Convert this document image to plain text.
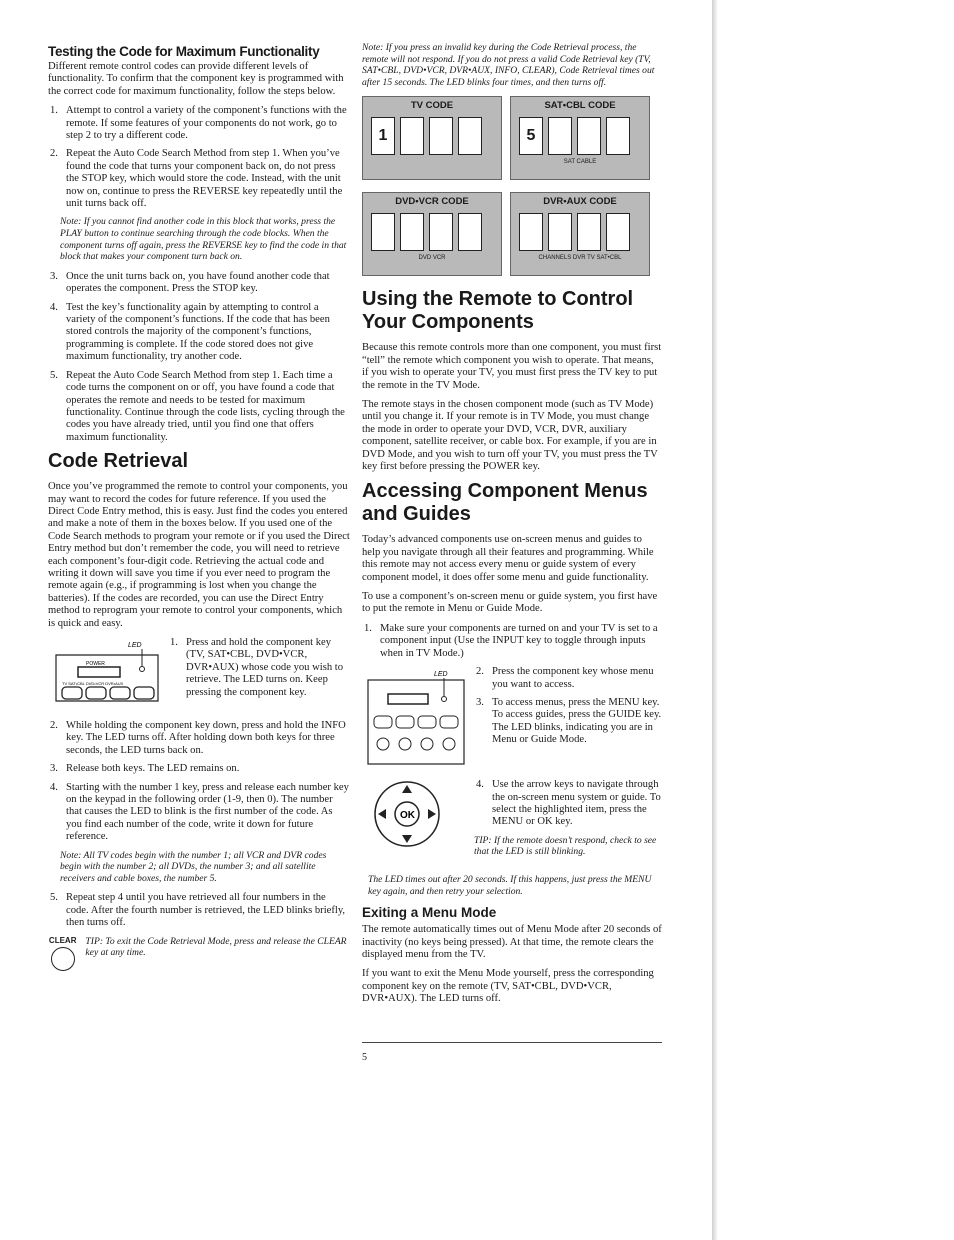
Testing the Code for Maximum Functionality

Different remote control codes can provide different levels of functionality. To confirm that the component key is programmed with the correct code for maximum functionality, follow the steps below.

1. Attempt to control a variety of the component’s functions with the remote. If some features of your components do not work, go to step 2 to try a different code.
2. Repeat the Auto Code Search Method from step 1. When you’ve found the code that turns your component back on, do not press the STOP key, which would store the code. Instead, with the unit now on, continue to press the REVERSE key repeatedly until the unit turns back off.
Note: If you cannot find another code in this block that works, press the PLAY button to continue searching through the code blocks. When the component turns off again, press the REVERSE key to find the code in that block that makes your component turn back on.
3. Once the unit turns back on, you have found another code that operates the component. Press the STOP key.
4. Test the key’s functionality again by attempting to control a variety of the component’s functions. If the code that has been stored controls the majority of the component’s functions, programming is complete. If the code stored does not give maximum functionality, try another code.
5. Repeat the Auto Code Search Method from step 1. Each time a code turns the component on or off, you have found a code that operates the remote and needs to be tested for maximum functionality. Continue through the code lists, cycling through the codes you have already tried, until you find one that offers maximum functionality.
Code Retrieval

Once you’ve programmed the remote to control your components, you may want to record the codes for future reference. If you used the Direct Code Entry method, this is easy. Just find the codes you entered and make a note of them in the boxes below. If you used one of the Code Search methods to program your remote or if you used the Direct Entry method but don’t remember the code, you will need to retrieve each component’s four-digit code. Retrieving the actual code and writing it down will save you time if you ever need to program the remote again (e.g., if programming is lost when you change the batteries). If the codes are recorded, you can use the Direct Entry method to reprogram your remote to control your components, which is quick and easy.

LED
POWER
TV SAT•CBL DVD•VCR DVR•AUX
1. Press and hold the component key (TV, SAT•CBL, DVD•VCR, DVR•AUX) whose code you wish to retrieve. The LED turns on. Keep pressing the component key.
2. While holding the component key down, press and hold the INFO key. The LED turns off. After holding down both keys for three seconds, the LED turns back on.
3. Release both keys. The LED remains on.
4. Starting with the number 1 key, press and release each number key on the keypad in the following order (1-9, then 0). The number that causes the LED to blink is the first number of the code. As you find each number of the code, write it down for future reference.
Note: All TV codes begin with the number 1; all VCR and DVR codes begin with the number 2; all DVDs, the number 3; and all satellite receivers and cable boxes, the number 5.
5. Repeat step 4 until you have retrieved all four numbers in the code. After the fourth number is retrieved, the LED blinks briefly, then turns off.
CLEAR TIP: To exit the Code Retrieval Mode, press and release the CLEAR key at any time.
Note: If you press an invalid key during the Code Retrieval process, the remote will not respond. If you do not press a valid Code Retrieval key (TV, SAT•CBL, DVD•VCR, DVR•AUX, INFO, CLEAR), Code Retrieval times out after 15 seconds. The LED blinks four times, and then turns off.
TV CODE
1
SAT•CBL CODE
5
SAT CABLE
DVD•VCR CODE
DVD VCR
DVR•AUX CODE
CHANNELS DVR TV SAT•CBL
Using the Remote to Control Your Components

Because this remote controls more than one component, you must first “tell” the remote which component you wish to operate. That means, if you wish to operate your TV, you must first press the TV key to put the remote in the TV Mode.

The remote stays in the chosen component mode (such as TV Mode) until you change it. If your remote is in TV Mode, you must change the mode in order to operate your DVD, VCR, DVR, auxiliary component, satellite receiver, or cable box. For example, if you are in DVD Mode, and you wish to turn off your TV, you must press the TV key first before pressing the POWER key.

Accessing Component Menus and Guides

Today’s advanced components use on-screen menus and guides to help you navigate through all their features and programming. While this remote may not access every menu or guide system of every component model, it does offer some menu and guide functionality.

To use a component’s on-screen menu or guide system, you first have to put the remote in Menu or Guide Mode.

1. Make sure your components are turned on and your TV is set to a component input (Use the INPUT key to toggle through inputs when in TV Mode.)
LED	2. Press the component key whose menu you want to access.
3. To access menus, press the MENU key. To access guides, press the GUIDE key. The LED blinks, indicating you are in Menu or Guide Mode.
OK
4. Use the arrow keys to navigate through the on-screen menu system or guide. To select the highlighted item, press the MENU or OK key.
TIP: If the remote doesn’t respond, check to see that the LED is still blinking.
The LED times out after 20 seconds. If this happens, just press the MENU key again, and then retry your selection.
Exiting a Menu Mode

The remote automatically times out of Menu Mode after 20 seconds of inactivity (no keys being pressed). At that time, the remote clears the displayed menu from the TV.

If you want to exit the Menu Mode yourself, press the corresponding component key on the remote (TV, SAT•CBL, DVD•VCR, DVR•AUX). The LED turns off.

5
